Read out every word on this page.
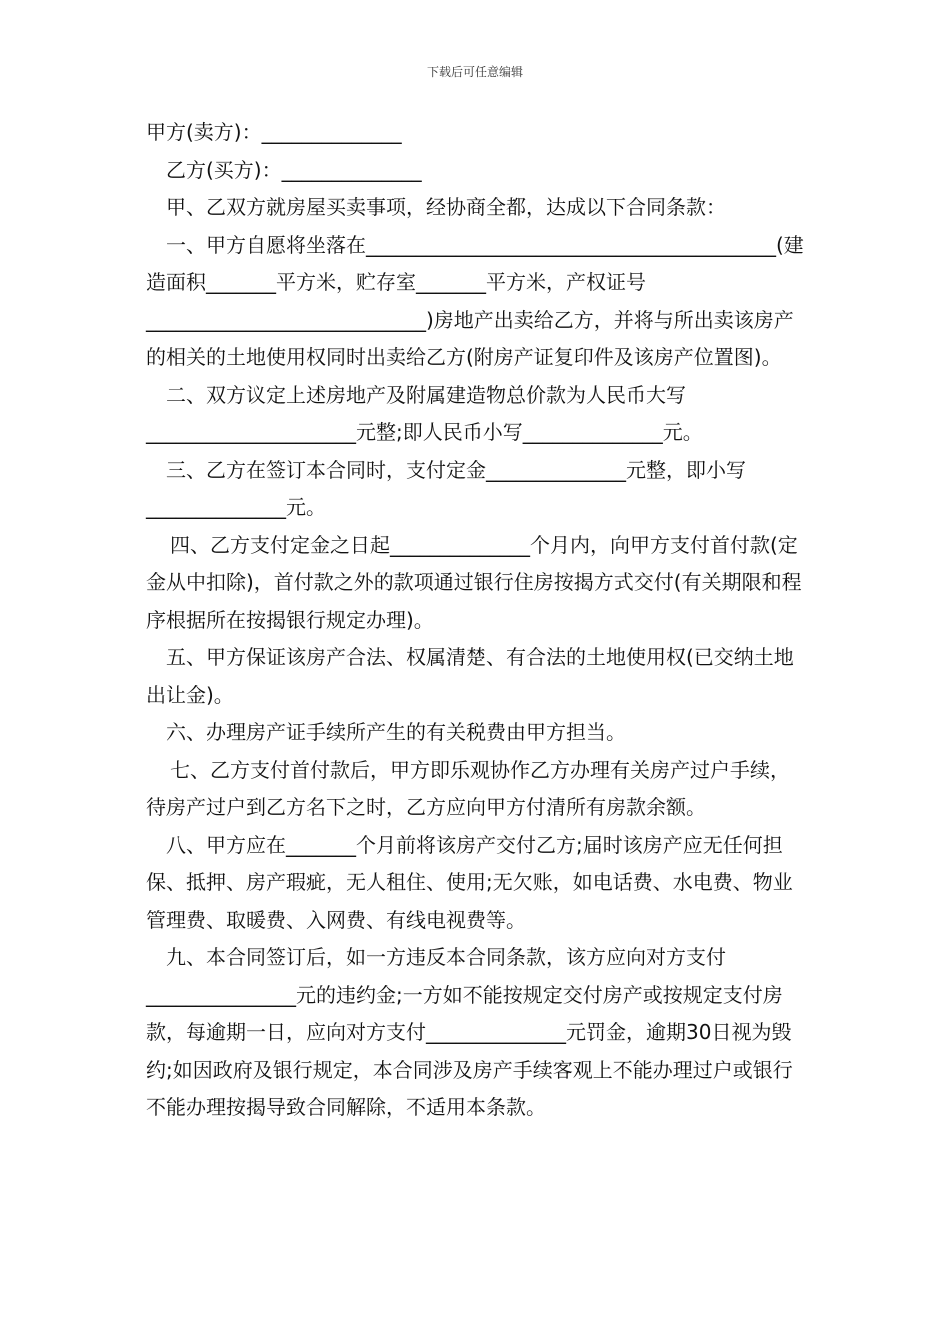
下载后可任意编辑

甲方(卖方)：______________

乙方(买方)：______________

甲、乙双方就房屋买卖事项，经协商全都，达成以下合同条款：

一、甲方自愿将坐落在_________________________________________(建造面积_______平方米，贮存室_______平方米，产权证号____________________________)房地产出卖给乙方，并将与所出卖该房产的相关的土地使用权同时出卖给乙方(附房产证复印件及该房产位置图)。

二、双方议定上述房地产及附属建造物总价款为人民币大写_____________________元整;即人民币小写______________元。

三、乙方在签订本合同时，支付定金______________元整，即小写______________元。

四、乙方支付定金之日起______________个月内，向甲方支付首付款(定金从中扣除)，首付款之外的款项通过银行住房按揭方式交付(有关期限和程序根据所在按揭银行规定办理)。

五、甲方保证该房产合法、权属清楚、有合法的土地使用权(已交纳土地出让金)。

六、办理房产证手续所产生的有关税费由甲方担当。

七、乙方支付首付款后，甲方即乐观协作乙方办理有关房产过户手续，待房产过户到乙方名下之时，乙方应向甲方付清所有房款余额。

八、甲方应在_______个月前将该房产交付乙方;届时该房产应无任何担保、抵押、房产瑕疵，无人租住、使用;无欠账，如电话费、水电费、物业管理费、取暖费、入网费、有线电视费等。

九、本合同签订后，如一方违反本合同条款，该方应向对方支付_______________元的违约金;一方如不能按规定交付房产或按规定支付房款，每逾期一日，应向对方支付______________元罚金，逾期30日视为毁约;如因政府及银行规定，本合同涉及房产手续客观上不能办理过户或银行不能办理按揭导致合同解除，不适用本条款。
